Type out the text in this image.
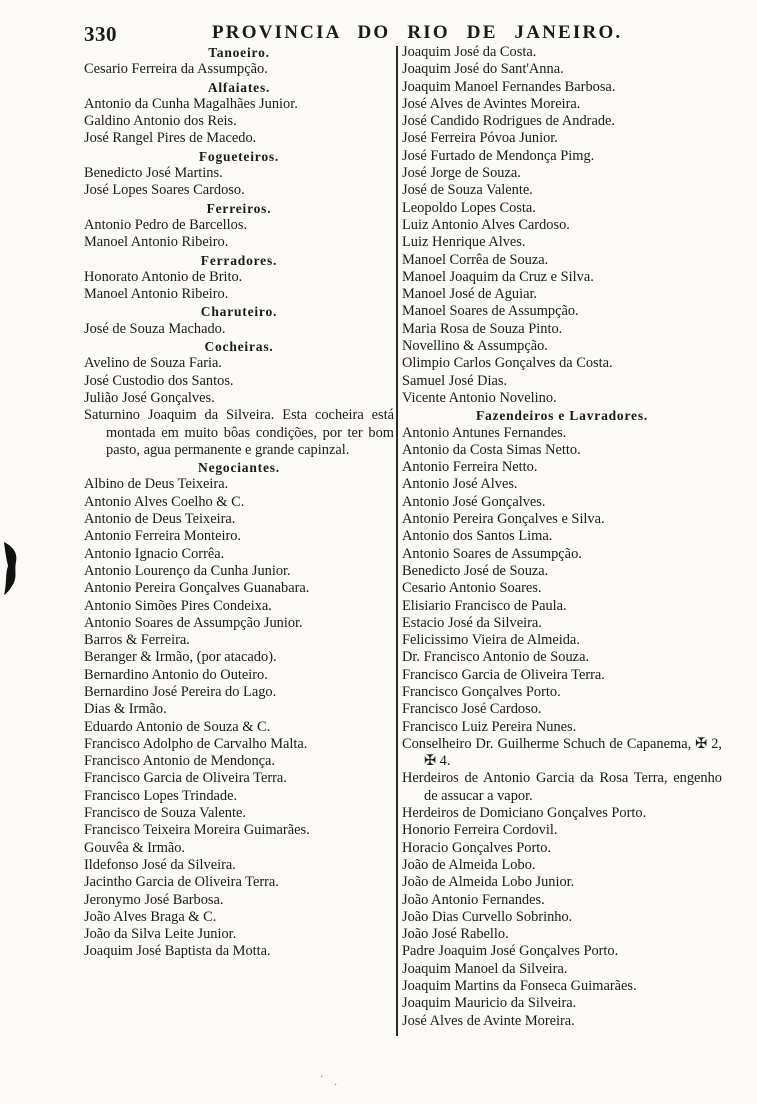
330	PROVINCIA DO RIO DE JANEIRO.
Tanoeiro.
Cesario Ferreira da Assumpção.
Alfaiates.
Antonio da Cunha Magalhães Junior.
Galdino Antonio dos Reis.
José Rangel Pires de Macedo.
Fogueteiros.
Benedicto José Martins.
José Lopes Soares Cardoso.
Ferreiros.
Antonio Pedro de Barcellos.
Manoel Antonio Ribeiro.
Ferradores.
Honorato Antonio de Brito.
Manoel Antonio Ribeiro.
Charuteiro.
José de Souza Machado.
Cocheiras.
Avelino de Souza Faria.
José Custodio dos Santos.
Julião José Gonçalves.
Saturnino Joaquim da Silveira. Esta cocheira está montada em muito bôas condições, por ter bom pasto, agua permanente e grande capinzal.
Negociantes.
Albino de Deus Teixeira.
Antonio Alves Coelho & C.
Antonio de Deus Teixeira.
Antonio Ferreira Monteiro.
Antonio Ignacio Corrêa.
Antonio Lourenço da Cunha Junior.
Antonio Pereira Gonçalves Guanabara.
Antonio Simões Pires Condeixa.
Antonio Soares de Assumpção Junior.
Barros & Ferreira.
Beranger & Irmão, (por atacado).
Bernardino Antonio do Outeiro.
Bernardino José Pereira do Lago.
Dias & Irmão.
Eduardo Antonio de Souza & C.
Francisco Adolpho de Carvalho Malta.
Francisco Antonio de Mendonça.
Francisco Garcia de Oliveira Terra.
Francisco Lopes Trindade.
Francisco de Souza Valente.
Francisco Teixeira Moreira Guimarães.
Gouvêa & Irmão.
Ildefonso José da Silveira.
Jacintho Garcia de Oliveira Terra.
Jeronymo José Barbosa.
João Alves Braga & C.
João da Silva Leite Junior.
Joaquim José Baptista da Motta.
Joaquim José da Costa.
Joaquim José do Sant'Anna.
Joaquim Manoel Fernandes Barbosa.
José Alves de Avintes Moreira.
José Candido Rodrigues de Andrade.
José Ferreira Póvoa Junior.
José Furtado de Mendonça Pimg.
José Jorge de Souza.
José de Souza Valente.
Leopoldo Lopes Costa.
Luiz Antonio Alves Cardoso.
Luiz Henrique Alves.
Manoel Corrêa de Souza.
Manoel Joaquim da Cruz e Silva.
Manoel José de Aguiar.
Manoel Soares de Assumpção.
Maria Rosa de Souza Pinto.
Novellino & Assumpção.
Olimpio Carlos Gonçalves da Costa.
Samuel José Dias.
Vicente Antonio Novelino.
Fazendeiros e Lavradores.
Antonio Antunes Fernandes.
Antonio da Costa Simas Netto.
Antonio Ferreira Netto.
Antonio José Alves.
Antonio José Gonçalves.
Antonio Pereira Gonçalves e Silva.
Antonio dos Santos Lima.
Antonio Soares de Assumpção.
Benedicto José de Souza.
Cesario Antonio Soares.
Elisiario Francisco de Paula.
Estacio José da Silveira.
Felicissimo Vieira de Almeida.
Dr. Francisco Antonio de Souza.
Francisco Garcia de Oliveira Terra.
Francisco Gonçalves Porto.
Francisco José Cardoso.
Francisco Luiz Pereira Nunes.
Conselheiro Dr. Guilherme Schuch de Capanema, ✠ 2, ✠ 4.
Herdeiros de Antonio Garcia da Rosa Terra, engenho de assucar a vapor.
Herdeiros de Domiciano Gonçalves Porto.
Honorio Ferreira Cordovil.
Horacio Gonçalves Porto.
João de Almeida Lobo.
João de Almeida Lobo Junior.
João Antonio Fernandes.
João Dias Curvello Sobrinho.
João José Rabello.
Padre Joaquim José Gonçalves Porto.
Joaquim Manoel da Silveira.
Joaquim Martins da Fonseca Guimarães.
Joaquim Mauricio da Silveira.
José Alves de Avinte Moreira.
·
·
